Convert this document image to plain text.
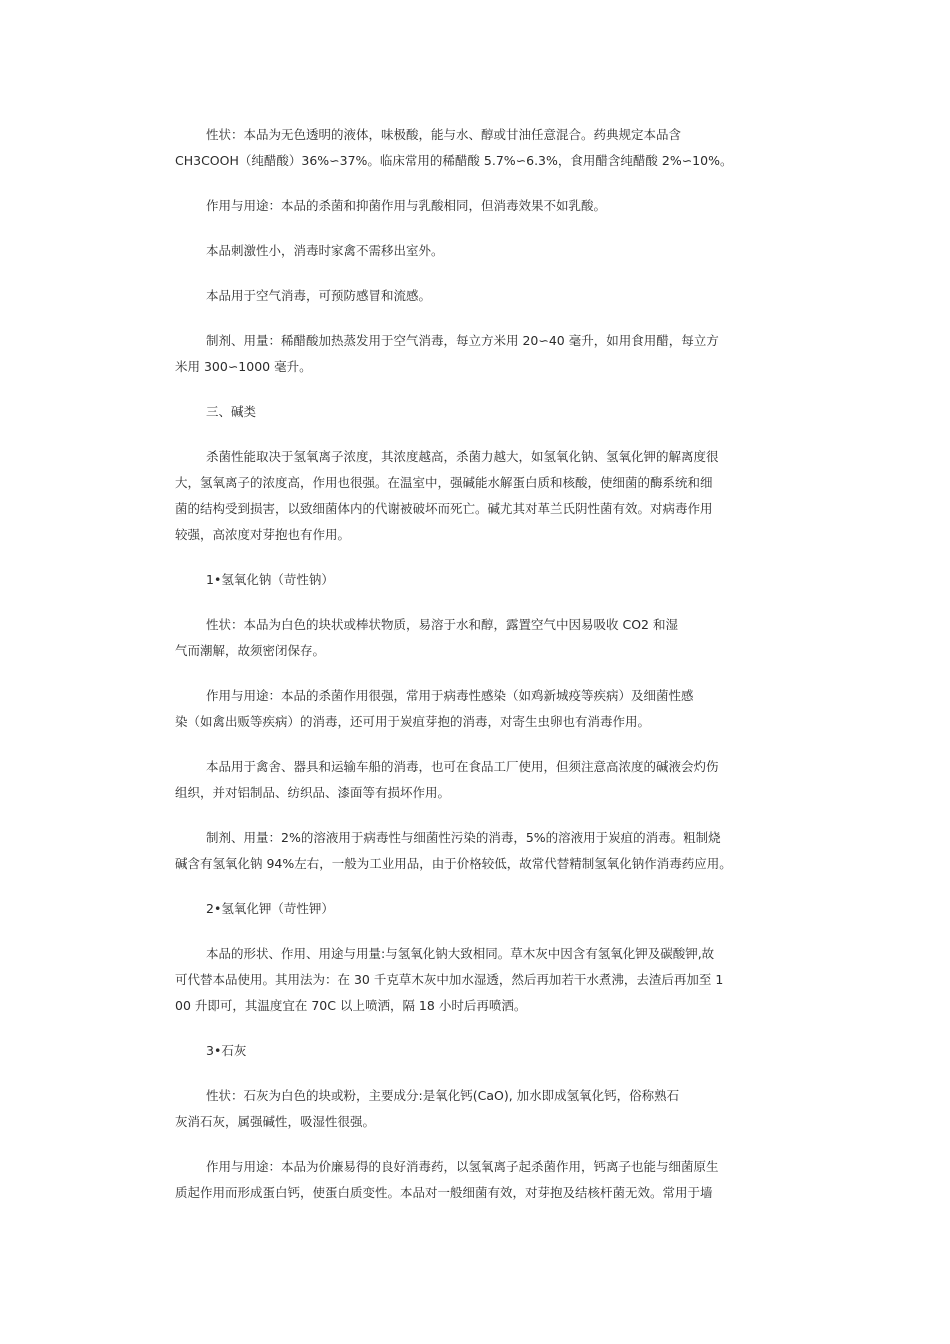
性状：本品为无色透明的液体，味极酸，能与水、醇或甘油任意混合。药典规定本品含
CH3COOH（纯醋酸）36%∽37%。临床常用的稀醋酸 5.7%∽6.3%，食用醋含纯醋酸 2%∽10%。
作用与用途：本品的杀菌和抑菌作用与乳酸相同，但消毒效果不如乳酸。
本品刺激性小，消毒时家禽不需移出室外。
本品用于空气消毒，可预防感冒和流感。
制剂、用量：稀醋酸加热蒸发用于空气消毒，每立方米用 20∽40 毫升，如用食用醋，每立方
米用 300∽1000 毫升。
三、碱类
杀菌性能取决于氢氧离子浓度，其浓度越高，杀菌力越大，如氢氧化钠、氢氧化钾的解离度很
大，氢氧离子的浓度高，作用也很强。在温室中，强碱能水解蛋白质和核酸，使细菌的酶系统和细
菌的结构受到损害，以致细菌体内的代谢被破坏而死亡。碱尤其对革兰氏阴性菌有效。对病毒作用
较强，高浓度对芽抱也有作用。
1•氢氧化钠（苛性钠）
性状：本品为白色的块状或棒状物质，易溶于水和醇，露置空气中因易吸收 CO2 和湿
气而潮解，故须密闭保存。
作用与用途：本品的杀菌作用很强，常用于病毒性感染（如鸡新城疫等疾病）及细菌性感
染（如禽出贩等疾病）的消毒，还可用于炭疽芽抱的消毒，对寄生虫卵也有消毒作用。
本品用于禽舍、器具和运输车船的消毒，也可在食品工厂使用，但须注意高浓度的碱液会灼伤
组织，并对铝制品、纺织品、漆面等有损坏作用。
制剂、用量：2%的溶液用于病毒性与细菌性污染的消毒，5%的溶液用于炭疽的消毒。粗制烧
碱含有氢氧化钠 94%左右，一般为工业用品，由于价格较低，故常代替精制氢氧化钠作消毒药应用。
2•氢氧化钾（苛性钾）
本品的形状、作用、用途与用量:与氢氧化钠大致相同。草木灰中因含有氢氧化钾及碳酸钾,故
可代替本品使用。其用法为：在 30 千克草木灰中加水湿透，然后再加若干水煮沸，去渣后再加至 1
00 升即可，其温度宜在 70C 以上喷洒，隔 18 小时后再喷洒。
3•石灰
性状：石灰为白色的块或粉，主要成分:是氧化钙(CaO), 加水即成氢氧化钙，俗称熟石
灰消石灰，属强碱性，吸湿性很强。
作用与用途：本品为价廉易得的良好消毒药，以氢氧离子起杀菌作用，钙离子也能与细菌原生
质起作用而形成蛋白钙，使蛋白质变性。本品对一般细菌有效，对芽抱及结核杆菌无效。常用于墙
